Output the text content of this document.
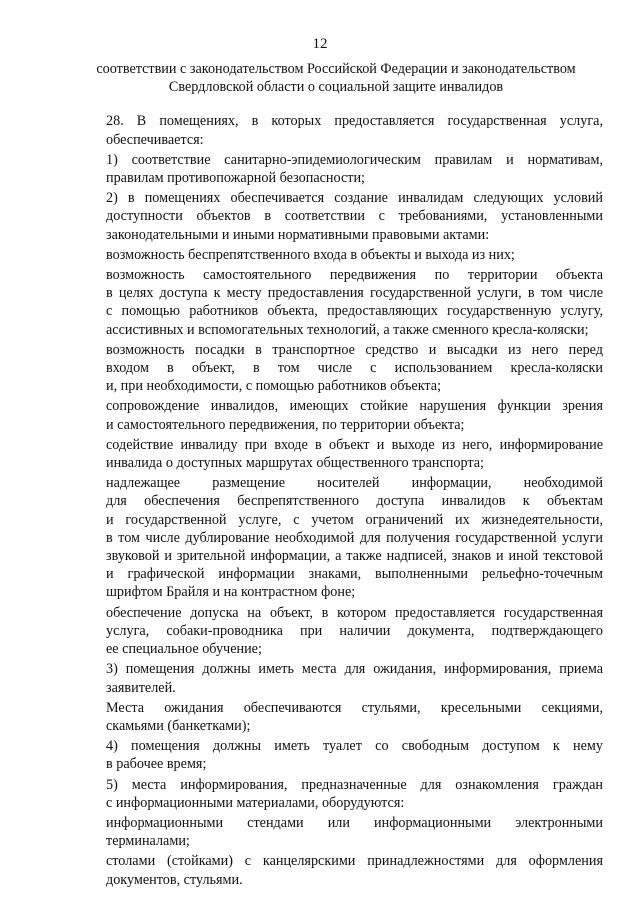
12
соответствии с законодательством Российской Федерации и законодательством
Свердловской области о социальной защите инвалидов
28. В помещениях, в которых предоставляется государственная услуга,
обеспечивается:
1) соответствие санитарно-эпидемиологическим правилам и нормативам,
правилам противопожарной безопасности;
2) в помещениях обеспечивается создание инвалидам следующих условий
доступности объектов в соответствии с требованиями, установленными
законодательными и иными нормативными правовыми актами:
возможность беспрепятственного входа в объекты и выхода из них;
возможность самостоятельного передвижения по территории объекта
в целях доступа к месту предоставления государственной услуги, в том числе
с помощью работников объекта, предоставляющих государственную услугу,
ассистивных и вспомогательных технологий, а также сменного кресла-коляски;
возможность посадки в транспортное средство и высадки из него перед
входом в объект, в том числе с использованием кресла-коляски
и, при необходимости, с помощью работников объекта;
сопровождение инвалидов, имеющих стойкие нарушения функции зрения
и самостоятельного передвижения, по территории объекта;
содействие инвалиду при входе в объект и выходе из него, информирование
инвалида о доступных маршрутах общественного транспорта;
надлежащее размещение носителей информации, необходимой
для обеспечения беспрепятственного доступа инвалидов к объектам
и государственной услуге, с учетом ограничений их жизнедеятельности,
в том числе дублирование необходимой для получения государственной услуги
звуковой и зрительной информации, а также надписей, знаков и иной текстовой
и графической информации знаками, выполненными рельефно-точечным
шрифтом Брайля и на контрастном фоне;
обеспечение допуска на объект, в котором предоставляется государственная
услуга, собаки-проводника при наличии документа, подтверждающего
ее специальное обучение;
3) помещения должны иметь места для ожидания, информирования, приема
заявителей.
Места ожидания обеспечиваются стульями, кресельными секциями,
скамьями (банкетками);
4) помещения должны иметь туалет со свободным доступом к нему
в рабочее время;
5) места информирования, предназначенные для ознакомления граждан
с информационными материалами, оборудуются:
информационными стендами или информационными электронными
терминалами;
столами (стойками) с канцелярскими принадлежностями для оформления
документов, стульями.
